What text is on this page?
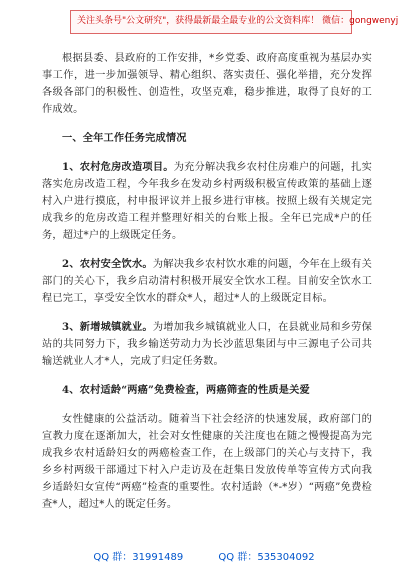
关注头条号"公文研究"，获得最新最全最专业的公文资料库！ 微信：gongwenyj

根据县委、县政府的工作安排，*乡党委、政府高度重视为基层办实事工作，进一步加强领导、精心组织、落实责任、强化举措，充分发挥各级各部门的积极性、创造性，攻坚克难，稳步推进，取得了良好的工作成效。

一、全年工作任务完成情况

1、农村危房改造项目。为充分解决我乡农村住房难户的问题，扎实落实危房改造工程，今年我乡在发动乡村两级积极宣传政策的基础上逐村入户进行摸底，村申报评议并上报乡进行审核。按照上级有关规定完成我乡的危房改造工程并整理好相关的台账上报。全年已完成*户的任务，超过*户的上级既定任务。

2、农村安全饮水。为解决我乡农村饮水难的问题，今年在上级有关部门的关心下，我乡启动清村积极开展安全饮水工程。目前安全饮水工程已完工，享受安全饮水的群众*人，超过*人的上级既定目标。

3、新增城镇就业。为增加我乡城镇就业人口，在县就业局和乡劳保站的共同努力下，我乡输送劳动力为长沙蓝思集团与中三源电子公司共输送就业人才*人，完成了归定任务数。

4、农村适龄“两癌”免费检查，两癌筛查的性质是关爱

女性健康的公益活动。随着当下社会经济的快速发展，政府部门的宣教力度在逐渐加大，社会对女性健康的关注度也在随之慢慢提高为完成我乡农村适龄妇女的两癌检查工作，在上级部门的关心与支持下，我乡乡村两级干部通过下村入户走访及在赶集日发放传单等宣传方式向我乡适龄妇女宣传“两癌”检查的重要性。农村适龄（*-*岁）“两癌”免费检查*人，超过*人的既定任务。

QQ 群：31991489	QQ 群：535304092
